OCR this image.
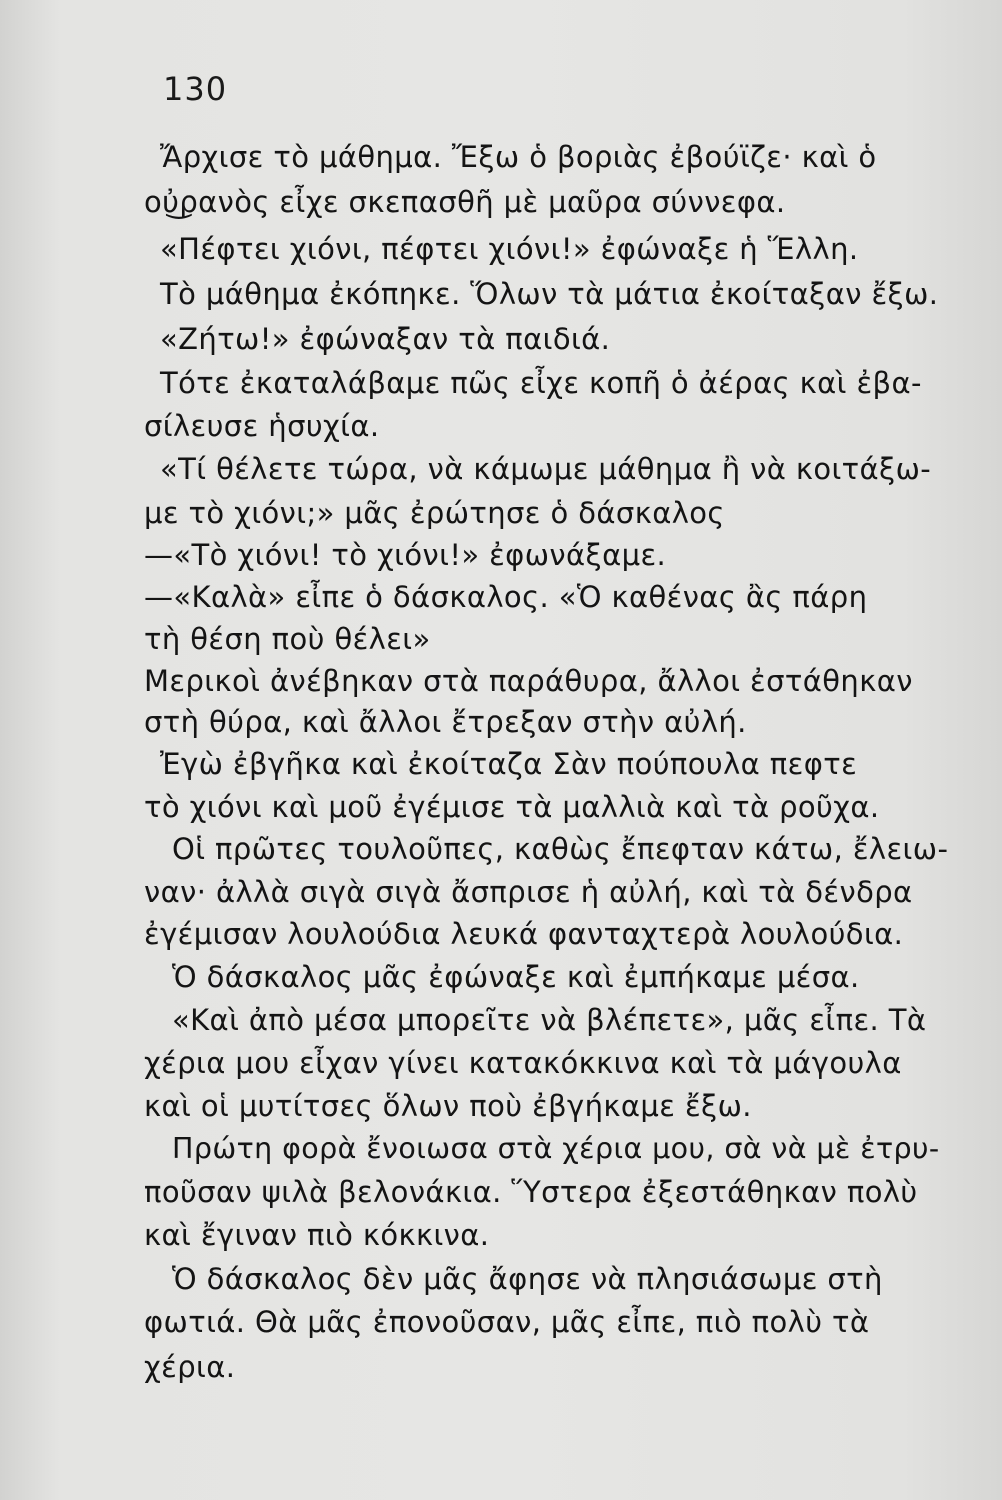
130
Ἄρχισε τὸ μάθημα. Ἔξω ὁ βοριὰς ἐβούϊζε· καὶ ὁ
οὐ͜ρανὸς εἶχε σκεπασθῆ μὲ μαῦρα σύννεφα.
«Πέφτει χιόνι, πέφτει χιόνι!» ἐφώναξε ἡ Ἕλλη.
Τὸ μάθημα ἐκόπηκε. Ὅλων τὰ μάτια ἐκοίταξαν ἔξω.
«Ζήτω!» ἐφώναξαν τὰ παιδιά.
Τότε ἐκαταλάβαμε πῶς εἶχε κοπῆ ὁ ἀέρας καὶ ἐβα-
σίλευσε ἡσυχία.
«Τί θέλετε τώρα, νὰ κάμωμε μάθημα ἢ νὰ κοιτάξω-
με τὸ χιόνι;» μᾶς ἐρώτησε ὁ δάσκαλος
—«Τὸ χιόνι! τὸ χιόνι!» ἐφωνάξαμε.
—«Καλὰ» εἶπε ὁ δάσκαλος. «Ὁ καθένας ἂς πάρη
τὴ θέση ποὺ θέλει»
Μερικοὶ ἀνέβηκαν στὰ παράθυρα, ἄλλοι ἐστάθηκαν
στὴ θύρα, καὶ ἄλλοι ἔτρεξαν στὴν αὐλή.
Ἐγὼ ἐβγῆκα καὶ ἐκοίταζα Σὰν πούπουλα πεφτε
τὸ χιόνι καὶ μοῦ ἐγέμισε τὰ μαλλιὰ καὶ τὰ ροῦχα.
Οἱ πρῶτες τουλοῦπες, καθὼς ἔπεφταν κάτω, ἔλειω-
ναν· ἀλλὰ σιγὰ σιγὰ ἄσπρισε ἡ αὐλή, καὶ τὰ δένδρα
ἐγέμισαν λουλούδια λευκά φανταχτερὰ λουλούδια.
Ὁ δάσκαλος μᾶς ἐφώναξε καὶ ἐμπήκαμε μέσα.
«Καὶ ἀπὸ μέσα μπορεῖτε νὰ βλέπετε», μᾶς εἶπε. Τὰ
χέρια μου εἶχαν γίνει κατακόκκινα καὶ τὰ μάγουλα
καὶ οἱ μυτίτσες ὅλων ποὺ ἐβγήκαμε ἔξω.
Πρώτη φορὰ ἔνοιωσα στὰ χέρια μου, σὰ νὰ μὲ ἐτρυ-
ποῦσαν ψιλὰ βελονάκια. Ὕστερα ἐξεστάθηκαν πολὺ
καὶ ἔγιναν πιὸ κόκκινα.
Ὁ δάσκαλος δὲν μᾶς ἄφησε νὰ πλησιάσωμε στὴ
φωτιά. Θὰ μᾶς ἐπονοῦσαν, μᾶς εἶπε, πιὸ πολὺ τὰ
χέρια.
